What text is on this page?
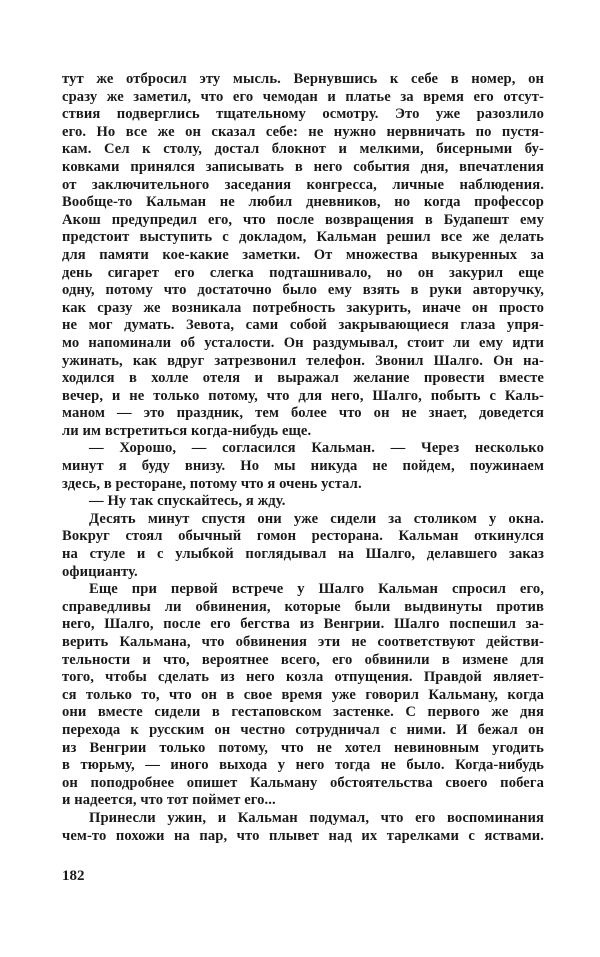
тут же отбросил эту мысль. Вернувшись к себе в номер, он
сразу же заметил, что его чемодан и платье за время его отсут-
ствия подверглись тщательному осмотру. Это уже разозлило
его. Но все же он сказал себе: не нужно нервничать по пустя-
кам. Сел к столу, достал блокнот и мелкими, бисерными бу-
ковками принялся записывать в него события дня, впечатления
от заключительного заседания конгресса, личные наблюдения.
Вообще-то Кальман не любил дневников, но когда профессор
Акош предупредил его, что после возвращения в Будапешт ему
предстоит выступить с докладом, Кальман решил все же делать
для памяти кое-какие заметки. От множества выкуренных за
день сигарет его слегка подташнивало, но он закурил еще
одну, потому что достаточно было ему взять в руки авторучку,
как сразу же возникала потребность закурить, иначе он просто
не мог думать. Зевота, сами собой закрывающиеся глаза упря-
мо напоминали об усталости. Он раздумывал, стоит ли ему идти
ужинать, как вдруг затрезвонил телефон. Звонил Шалго. Он на-
ходился в холле отеля и выражал желание провести вместе
вечер, и не только потому, что для него, Шалго, побыть с Каль-
маном — это праздник, тем более что он не знает, доведется
ли им встретиться когда-нибудь еще.
— Хорошо, — согласился Кальман. — Через несколько
минут я буду внизу. Но мы никуда не пойдем, поужинаем
здесь, в ресторане, потому что я очень устал.
— Ну так спускайтесь, я жду.
Десять минут спустя они уже сидели за столиком у окна.
Вокруг стоял обычный гомон ресторана. Кальман откинулся
на стуле и с улыбкой поглядывал на Шалго, делавшего заказ
официанту.
Еще при первой встрече у Шалго Кальман спросил его,
справедливы ли обвинения, которые были выдвинуты против
него, Шалго, после его бегства из Венгрии. Шалго поспешил за-
верить Кальмана, что обвинения эти не соответствуют действи-
тельности и что, вероятнее всего, его обвинили в измене для
того, чтобы сделать из него козла отпущения. Правдой являет-
ся только то, что он в свое время уже говорил Кальману, когда
они вместе сидели в гестаповском застенке. С первого же дня
перехода к русским он честно сотрудничал с ними. И бежал он
из Венгрии только потому, что не хотел невиновным угодить
в тюрьму, — иного выхода у него тогда не было. Когда-нибудь
он поподробнее опишет Кальману обстоятельства своего побега
и надеется, что тот поймет его...
Принесли ужин, и Кальман подумал, что его воспоминания
чем-то похожи на пар, что плывет над их тарелками с яствами.
182
